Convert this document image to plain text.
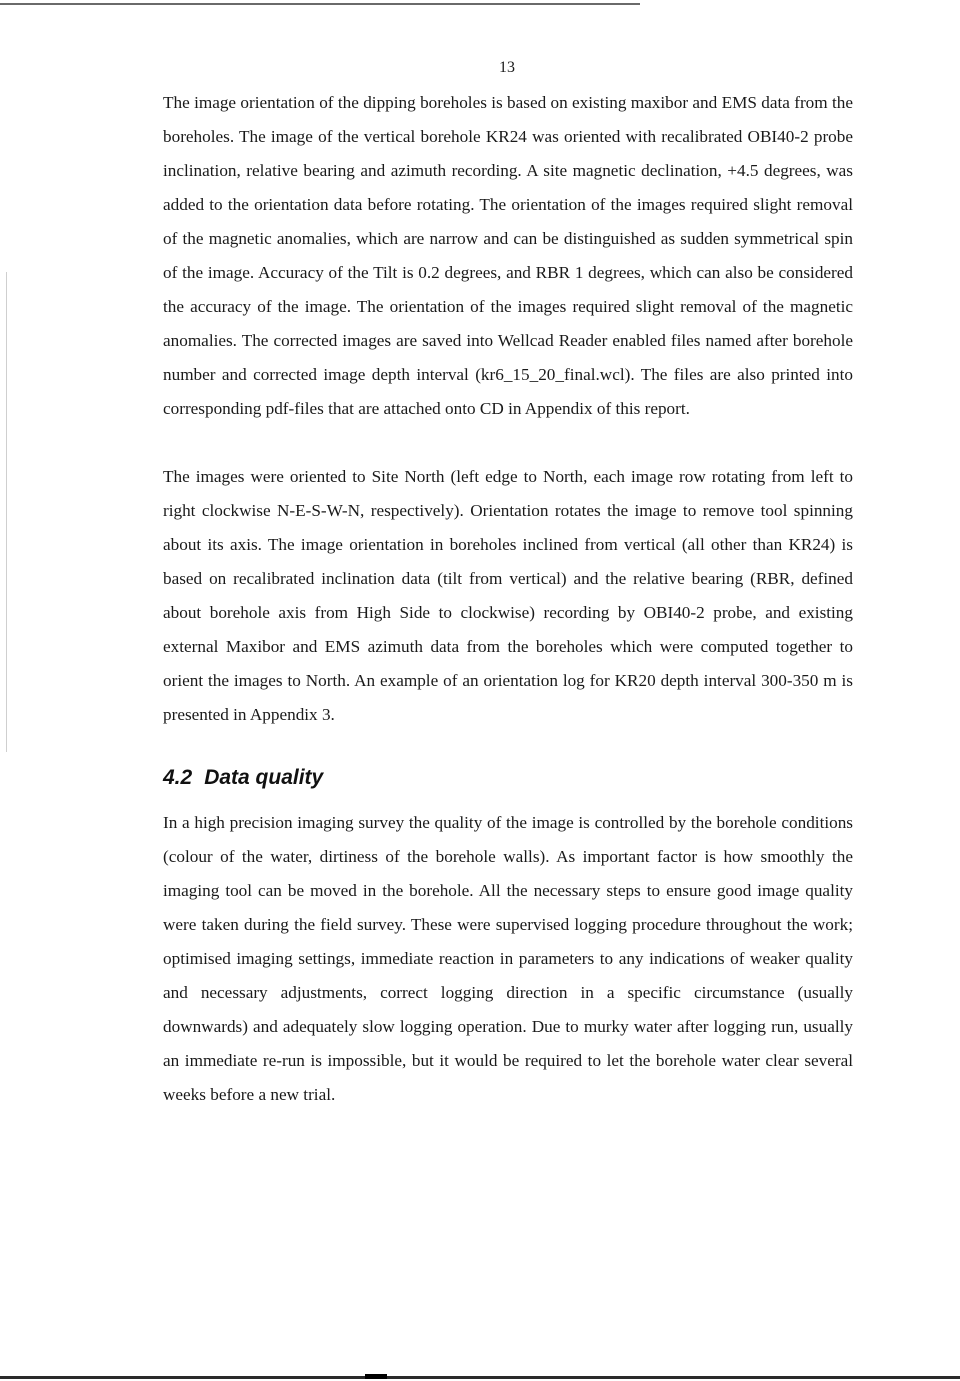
13

The image orientation of the dipping boreholes is based on existing maxibor and EMS data from the boreholes. The image of the vertical borehole KR24 was oriented with recalibrated OBI40-2 probe inclination, relative bearing and azimuth recording. A site magnetic declination, +4.5 degrees, was added to the orientation data before rotating. The orientation of the images required slight removal of the magnetic anomalies, which are narrow and can be distinguished as sudden symmetrical spin of the image. Accuracy of the Tilt is 0.2 degrees, and RBR 1 degrees, which can also be considered the accuracy of the image. The orientation of the images required slight removal of the magnetic anomalies. The corrected images are saved into Wellcad Reader enabled files named after borehole number and corrected image depth interval (kr6_15_20_final.wcl). The files are also printed into corresponding pdf-files that are attached onto CD in Appendix of this report.

The images were oriented to Site North (left edge to North, each image row rotating from left to right clockwise N-E-S-W-N, respectively). Orientation rotates the image to remove tool spinning about its axis. The image orientation in boreholes inclined from vertical (all other than KR24) is based on recalibrated inclination data (tilt from vertical) and the relative bearing (RBR, defined about borehole axis from High Side to clockwise) recording by OBI40-2 probe, and existing external Maxibor and EMS azimuth data from the boreholes which were computed together to orient the images to North. An example of an orientation log for KR20 depth interval 300-350 m is presented in Appendix 3.

4.2 Data quality

In a high precision imaging survey the quality of the image is controlled by the borehole conditions (colour of the water, dirtiness of the borehole walls). As important factor is how smoothly the imaging tool can be moved in the borehole. All the necessary steps to ensure good image quality were taken during the field survey. These were supervised logging procedure throughout the work; optimised imaging settings, immediate reaction in parameters to any indications of weaker quality and necessary adjustments, correct logging direction in a specific circumstance (usually downwards) and adequately slow logging operation. Due to murky water after logging run, usually an immediate re-run is impossible, but it would be required to let the borehole water clear several weeks before a new trial.
